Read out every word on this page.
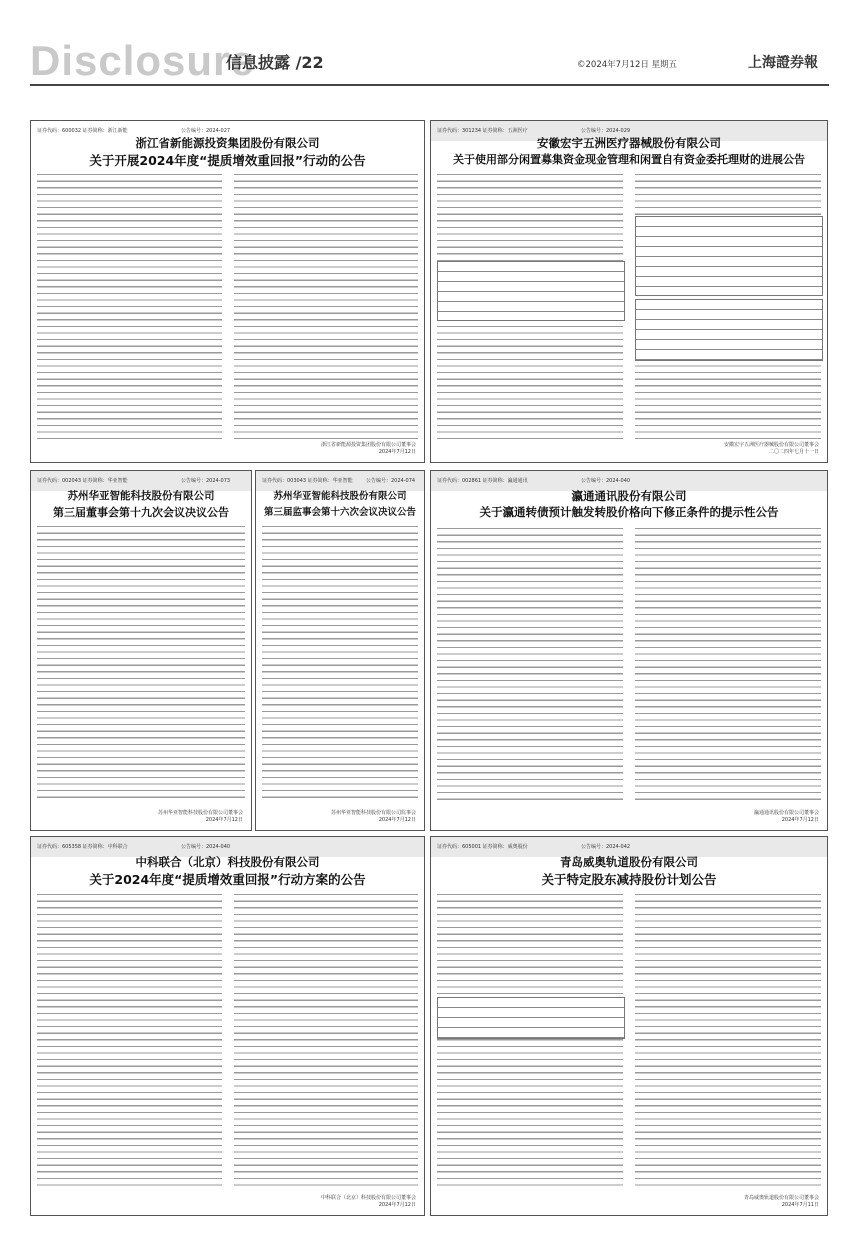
Disclosure
信息披露 /22	©2024年7月12日 星期五	上海證券報
证券代码：600032 证券简称：浙江新能	公告编号：2024-027
浙江省新能源投资集团股份有限公司
关于开展2024年度“提质增效重回报”行动的公告
浙江省新能源投资集团股份有限公司董事会
2024年7月12日
证券代码：301234 证券简称：五洲医疗	公告编号：2024-029
安徽宏宇五洲医疗器械股份有限公司
关于使用部分闲置募集资金现金管理和闲置自有资金委托理财的进展公告
安徽宏宇五洲医疗器械股份有限公司董事会
二〇二四年七月十一日
证券代码：002043 证券简称：华亚智能	公告编号：2024-073
苏州华亚智能科技股份有限公司
第三届董事会第十九次会议决议公告
苏州华亚智能科技股份有限公司董事会
2024年7月12日
证券代码：003043 证券简称：华亚智能	公告编号：2024-074
苏州华亚智能科技股份有限公司
第三届监事会第十六次会议决议公告
苏州华亚智能科技股份有限公司监事会
2024年7月12日
证券代码：002861 证券简称：瀛通通讯	公告编号：2024-040
瀛通通讯股份有限公司
关于瀛通转债预计触发转股价格向下修正条件的提示性公告
瀛通通讯股份有限公司董事会
2024年7月12日
证券代码：605358 证券简称：中科联合	公告编号：2024-040
中科联合（北京）科技股份有限公司
关于2024年度“提质增效重回报”行动方案的公告
中科联合（北京）科技股份有限公司董事会
2024年7月12日
证券代码：605001 证券简称：威奥股份	公告编号：2024-042
青岛威奥轨道股份有限公司
关于特定股东减持股份计划公告
青岛威奥轨道股份有限公司董事会
2024年7月11日
